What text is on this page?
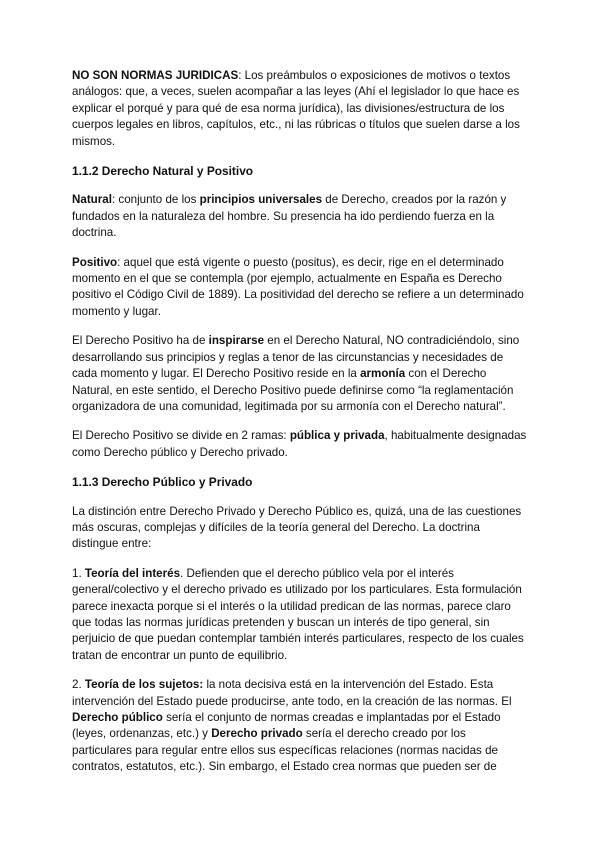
NO SON NORMAS JURIDICAS: Los preámbulos o exposiciones de motivos o textos análogos: que, a veces, suelen acompañar a las leyes (Ahí el legislador lo que hace es explicar el porqué y para qué de esa norma jurídica), las divisiones/estructura de los cuerpos legales en libros, capítulos, etc., ni las rúbricas o títulos que suelen darse a los mismos.

1.1.2 Derecho Natural y Positivo

Natural: conjunto de los principios universales de Derecho, creados por la razón y fundados en la naturaleza del hombre. Su presencia ha ido perdiendo fuerza en la doctrina.

Positivo: aquel que está vigente o puesto (positus), es decir, rige en el determinado momento en el que se contempla (por ejemplo, actualmente en España es Derecho positivo el Código Civil de 1889). La positividad del derecho se refiere a un determinado momento y lugar.

El Derecho Positivo ha de inspirarse en el Derecho Natural, NO contradiciéndolo, sino desarrollando sus principios y reglas a tenor de las circunstancias y necesidades de cada momento y lugar. El Derecho Positivo reside en la armonía con el Derecho Natural, en este sentido, el Derecho Positivo puede definirse como “la reglamentación organizadora de una comunidad, legitimada por su armonía con el Derecho natural”.

El Derecho Positivo se divide en 2 ramas: pública y privada, habitualmente designadas como Derecho público y Derecho privado.

1.1.3 Derecho Público y Privado

La distinción entre Derecho Privado y Derecho Público es, quizá, una de las cuestiones más oscuras, complejas y difíciles de la teoría general del Derecho. La doctrina distingue entre:

1. Teoría del interés. Defienden que el derecho público vela por el interés general/colectivo y el derecho privado es utilizado por los particulares. Esta formulación parece inexacta porque si el interés o la utilidad predican de las normas, parece claro que todas las normas jurídicas pretenden y buscan un interés de tipo general, sin perjuicio de que puedan contemplar también interés particulares, respecto de los cuales tratan de encontrar un punto de equilibrio.

2. Teoría de los sujetos: la nota decisiva está en la intervención del Estado. Esta intervención del Estado puede producirse, ante todo, en la creación de las normas. El Derecho público sería el conjunto de normas creadas e implantadas por el Estado (leyes, ordenanzas, etc.) y Derecho privado sería el derecho creado por los particulares para regular entre ellos sus específicas relaciones (normas nacidas de contratos, estatutos, etc.). Sin embargo, el Estado crea normas que pueden ser de
